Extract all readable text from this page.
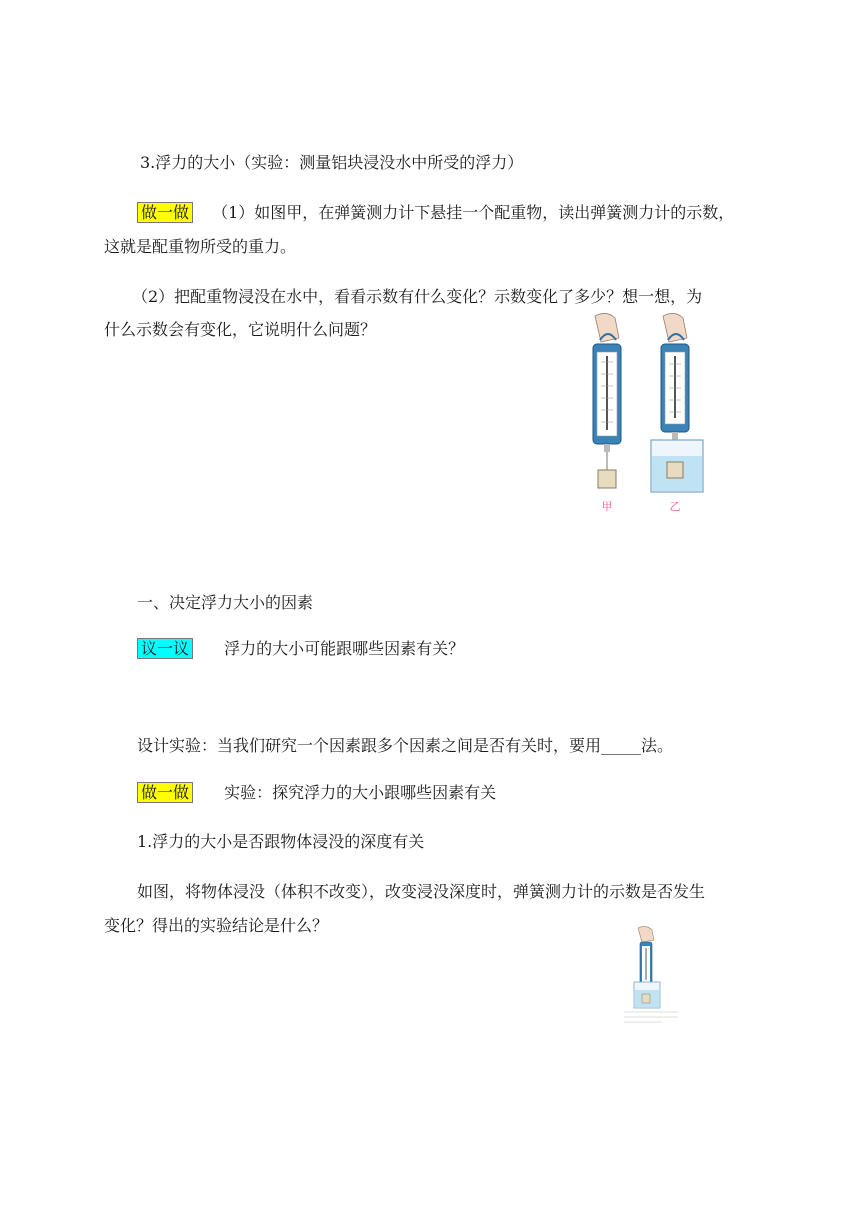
3.浮力的大小（实验：测量铝块浸没水中所受的浮力）
做一做 （1）如图甲，在弹簧测力计下悬挂一个配重物，读出弹簧测力计的示数，
这就是配重物所受的重力。
（2）把配重物浸没在水中，看看示数有什么变化？示数变化了多少？想一想，为
什么示数会有变化，它说明什么问题？
甲	乙
一、决定浮力大小的因素
议一议 浮力的大小可能跟哪些因素有关？
设计实验：当我们研究一个因素跟多个因素之间是否有关时，要用_____法。
做一做 实验：探究浮力的大小跟哪些因素有关
1.浮力的大小是否跟物体浸没的深度有关
如图，将物体浸没（体积不改变），改变浸没深度时，弹簧测力计的示数是否发生
变化？得出的实验结论是什么？
